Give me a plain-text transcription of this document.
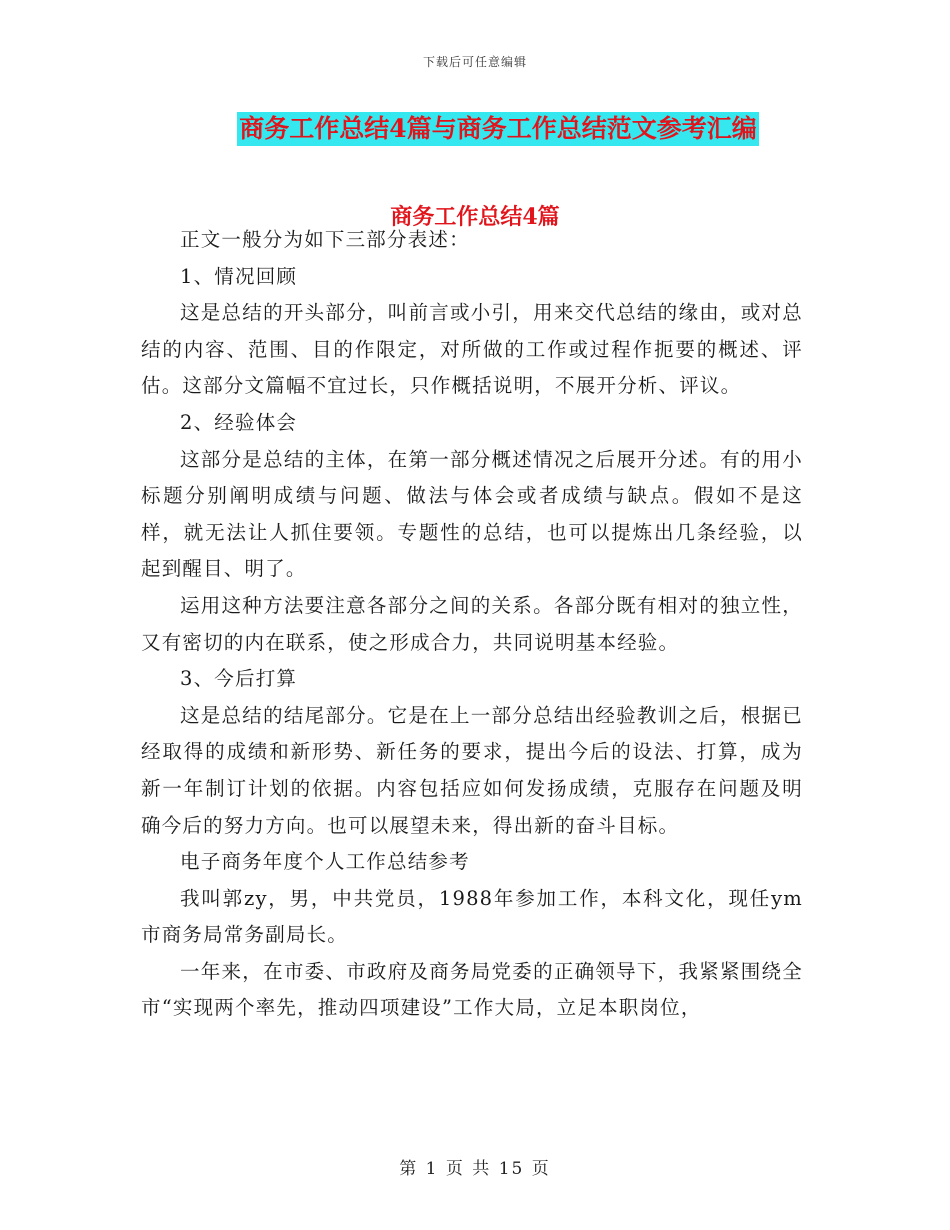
下载后可任意编辑
商务工作总结4篇与商务工作总结范文参考汇编
商务工作总结4篇

正文一般分为如下三部分表述：

1、情况回顾

这是总结的开头部分，叫前言或小引，用来交代总结的缘由，或对总结的内容、范围、目的作限定，对所做的工作或过程作扼要的概述、评估。这部分文篇幅不宜过长，只作概括说明，不展开分析、评议。

2、经验体会

这部分是总结的主体，在第一部分概述情况之后展开分述。有的用小标题分别阐明成绩与问题、做法与体会或者成绩与缺点。假如不是这样，就无法让人抓住要领。专题性的总结，也可以提炼出几条经验，以起到醒目、明了。

运用这种方法要注意各部分之间的关系。各部分既有相对的独立性，又有密切的内在联系，使之形成合力，共同说明基本经验。

3、今后打算

这是总结的结尾部分。它是在上一部分总结出经验教训之后，根据已经取得的成绩和新形势、新任务的要求，提出今后的设法、打算，成为新一年制订计划的依据。内容包括应如何发扬成绩，克服存在问题及明确今后的努力方向。也可以展望未来，得出新的奋斗目标。

电子商务年度个人工作总结参考

我叫郭zy，男，中共党员，1988年参加工作，本科文化，现任ym市商务局常务副局长。

一年来，在市委、市政府及商务局党委的正确领导下，我紧紧围绕全市“实现两个率先，推动四项建设”工作大局，立足本职岗位，

第 1 页 共 15 页
